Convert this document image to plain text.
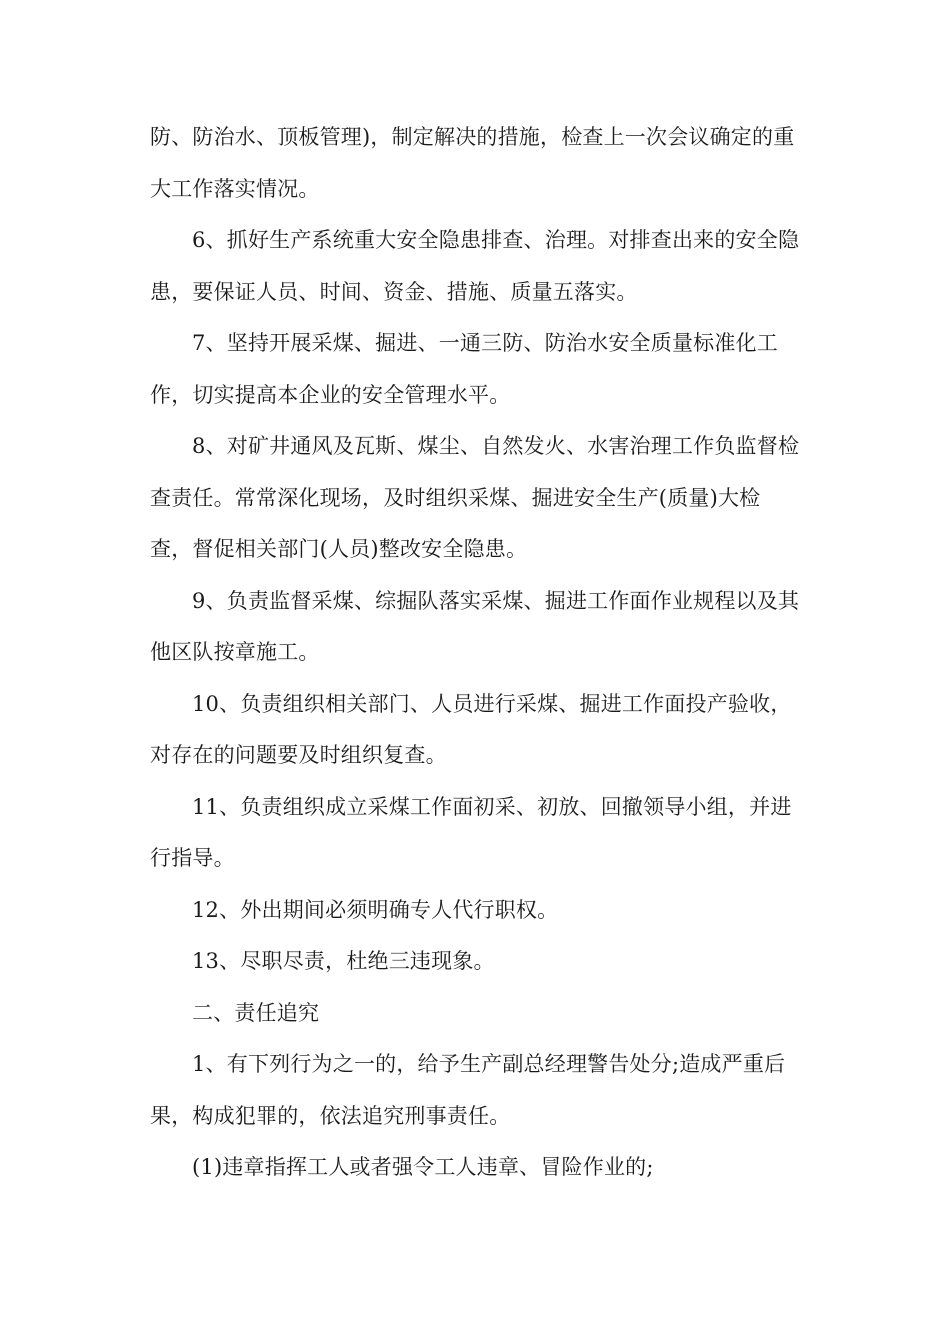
防、防治水、顶板管理)，制定解决的措施，检查上一次会议确定的重大工作落实情况。

6、抓好生产系统重大安全隐患排查、治理。对排查出来的安全隐患，要保证人员、时间、资金、措施、质量五落实。

7、坚持开展采煤、掘进、一通三防、防治水安全质量标准化工作，切实提高本企业的安全管理水平。

8、对矿井通风及瓦斯、煤尘、自然发火、水害治理工作负监督检查责任。常常深化现场，及时组织采煤、掘进安全生产(质量)大检查，督促相关部门(人员)整改安全隐患。

9、负责监督采煤、综掘队落实采煤、掘进工作面作业规程以及其他区队按章施工。

10、负责组织相关部门、人员进行采煤、掘进工作面投产验收，对存在的问题要及时组织复查。

11、负责组织成立采煤工作面初采、初放、回撤领导小组，并进行指导。

12、外出期间必须明确专人代行职权。

13、尽职尽责，杜绝三违现象。

二、责任追究

1、有下列行为之一的，给予生产副总经理警告处分;造成严重后果，构成犯罪的，依法追究刑事责任。

(1)违章指挥工人或者强令工人违章、冒险作业的;
